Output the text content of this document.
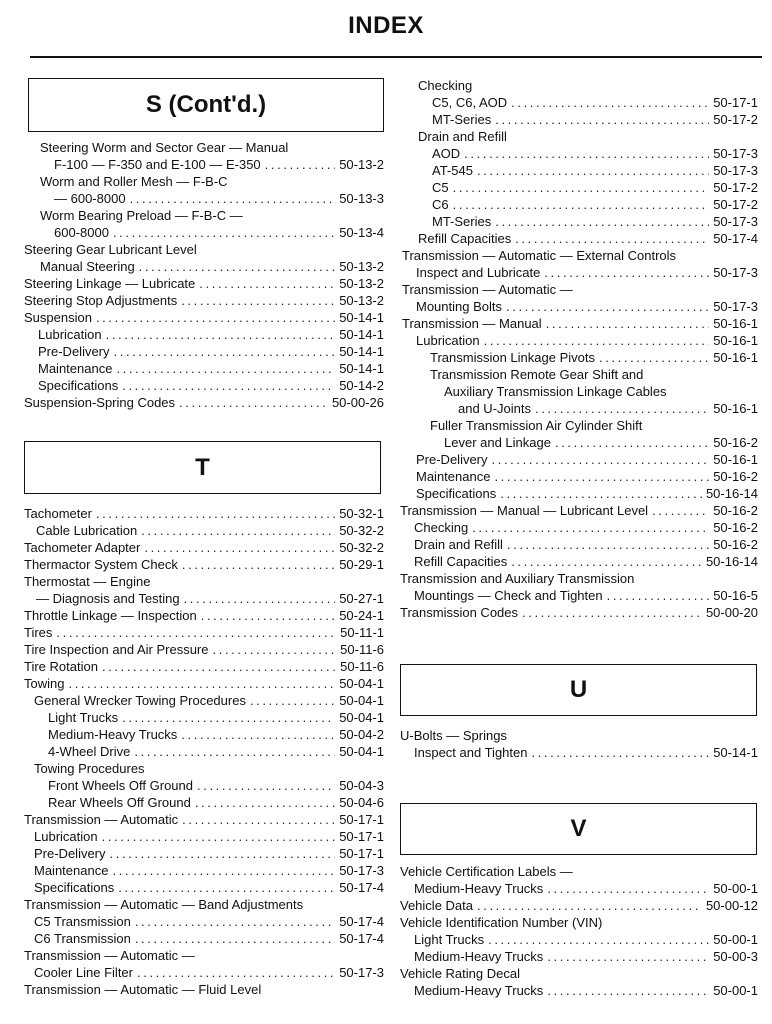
INDEX
S (Cont'd.)
T
Steering Worm and Sector Gear — Manual
F-100 — F-350 and E-100 — E-350 . . .	50-13-2
Worm and Roller Mesh — F-B-C
— 600-8000 . . .	50-13-3
Worm Bearing Preload — F-B-C —
600-8000 . . .	50-13-4
Steering Gear Lubricant Level
Manual Steering . . .	50-13-2
Steering Linkage — Lubricate . . .	50-13-2
Steering Stop Adjustments . . .	50-13-2
Suspension . . .	50-14-1
Lubrication . . .	50-14-1
Pre-Delivery . . .	50-14-1
Maintenance . . .	50-14-1
Specifications . . .	50-14-2
Suspension-Spring Codes . . .	50-00-26
Tachometer . . .	50-32-1
Cable Lubrication . . .	50-32-2
Tachometer Adapter . . .	50-32-2
Thermactor System Check . . .	50-29-1
Thermostat — Engine
— Diagnosis and Testing . . .	50-27-1
Throttle Linkage — Inspection . . .	50-24-1
Tires . . .	50-11-1
Tire Inspection and Air Pressure . . .	50-11-6
Tire Rotation . . .	50-11-6
Towing . . .	50-04-1
General Wrecker Towing Procedures . . .	50-04-1
Light Trucks . . .	50-04-1
Medium-Heavy Trucks . . .	50-04-2
4-Wheel Drive . . .	50-04-1
Towing Procedures
Front Wheels Off Ground . . .	50-04-3
Rear Wheels Off Ground . . .	50-04-6
Transmission — Automatic . . .	50-17-1
Lubrication . . .	50-17-1
Pre-Delivery . . .	50-17-1
Maintenance . . .	50-17-3
Specifications . . .	50-17-4
Transmission — Automatic — Band Adjustments
C5 Transmission . . .	50-17-4
C6 Transmission . . .	50-17-4
Transmission — Automatic —
Cooler Line Filter . . .	50-17-3
Transmission — Automatic — Fluid Level
U
V
Checking
C5, C6, AOD . . .	50-17-1
MT-Series . . .	50-17-2
Drain and Refill
AOD . . .	50-17-3
AT-545 . . .	50-17-3
C5 . . .	50-17-2
C6 . . .	50-17-2
MT-Series . . .	50-17-3
Refill Capacities . . .	50-17-4
Transmission — Automatic — External Controls
Inspect and Lubricate . . .	50-17-3
Transmission — Automatic —
Mounting Bolts . . .	50-17-3
Transmission — Manual . . .	50-16-1
Lubrication . . .	50-16-1
Transmission Linkage Pivots . . .	50-16-1
Transmission Remote Gear Shift and
Auxiliary Transmission Linkage Cables
and U-Joints . . .	50-16-1
Fuller Transmission Air Cylinder Shift
Lever and Linkage . . .	50-16-2
Pre-Delivery . . .	50-16-1
Maintenance . . .	50-16-2
Specifications . . .	50-16-14
Transmission — Manual — Lubricant Level . . .	50-16-2
Checking . . .	50-16-2
Drain and Refill . . .	50-16-2
Refill Capacities . . .	50-16-14
Transmission and Auxiliary Transmission
Mountings — Check and Tighten . . .	50-16-5
Transmission Codes . . .	50-00-20
U-Bolts — Springs
Inspect and Tighten . . .	50-14-1
Vehicle Certification Labels —
Medium-Heavy Trucks . . .	50-00-1
Vehicle Data . . .	50-00-12
Vehicle Identification Number (VIN)
Light Trucks . . .	50-00-1
Medium-Heavy Trucks . . .	50-00-3
Vehicle Rating Decal
Medium-Heavy Trucks . . .	50-00-1
